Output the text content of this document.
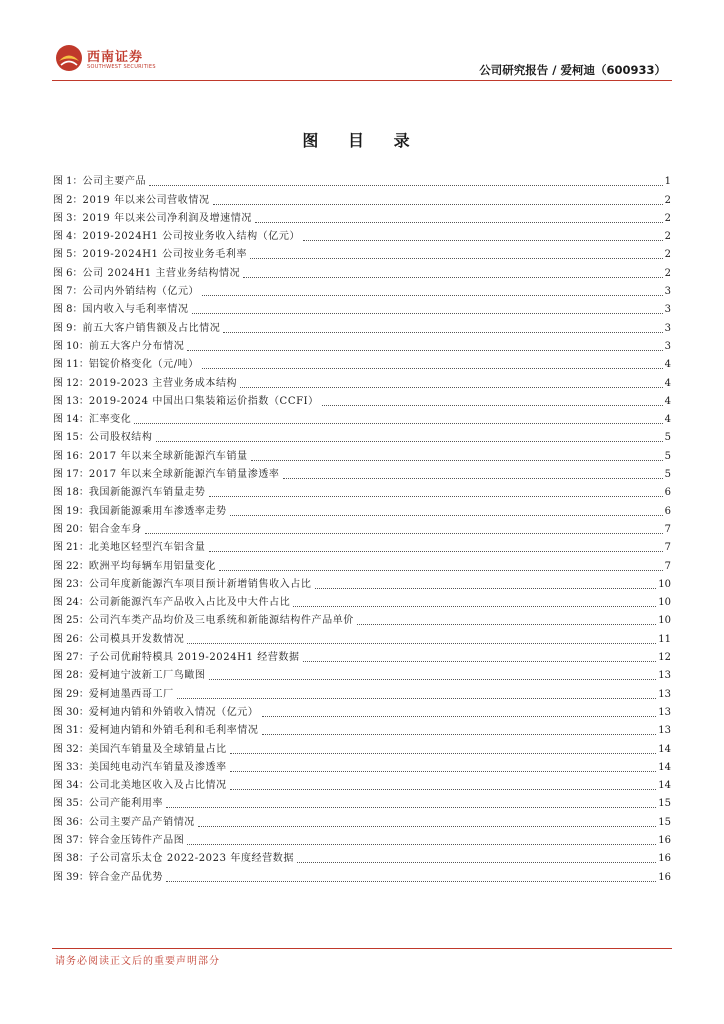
西南证券
SOUTHWEST SECURITIES	公司研究报告 / 爱柯迪（600933）
图 目 录
图 1： 公司主要产品	1
图 2： 2019 年以来公司营收情况	2
图 3： 2019 年以来公司净利润及增速情况	2
图 4： 2019-2024H1 公司按业务收入结构（亿元）	2
图 5： 2019-2024H1 公司按业务毛利率	2
图 6： 公司 2024H1 主营业务结构情况	2
图 7： 公司内外销结构（亿元）	3
图 8： 国内收入与毛利率情况	3
图 9： 前五大客户销售额及占比情况	3
图 10： 前五大客户分布情况	3
图 11： 铝锭价格变化（元/吨）	4
图 12： 2019-2023 主营业务成本结构	4
图 13： 2019-2024 中国出口集装箱运价指数（CCFI）	4
图 14： 汇率变化	4
图 15： 公司股权结构	5
图 16： 2017 年以来全球新能源汽车销量	5
图 17： 2017 年以来全球新能源汽车销量渗透率	5
图 18： 我国新能源汽车销量走势	6
图 19： 我国新能源乘用车渗透率走势	6
图 20： 铝合金车身	7
图 21： 北美地区轻型汽车铝含量	7
图 22： 欧洲平均每辆车用铝量变化	7
图 23： 公司年度新能源汽车项目预计新增销售收入占比	10
图 24： 公司新能源汽车产品收入占比及中大件占比	10
图 25： 公司汽车类产品均价及三电系统和新能源结构件产品单价	10
图 26： 公司模具开发数情况	11
图 27： 子公司优耐特模具 2019-2024H1 经营数据	12
图 28： 爱柯迪宁波新工厂鸟瞰图	13
图 29： 爱柯迪墨西哥工厂	13
图 30： 爱柯迪内销和外销收入情况（亿元）	13
图 31： 爱柯迪内销和外销毛利和毛利率情况	13
图 32： 美国汽车销量及全球销量占比	14
图 33： 美国纯电动汽车销量及渗透率	14
图 34： 公司北美地区收入及占比情况	14
图 35： 公司产能利用率	15
图 36： 公司主要产品产销情况	15
图 37： 锌合金压铸件产品图	16
图 38： 子公司富乐太仓 2022-2023 年度经营数据	16
图 39： 锌合金产品优势	16
请务必阅读正文后的重要声明部分
